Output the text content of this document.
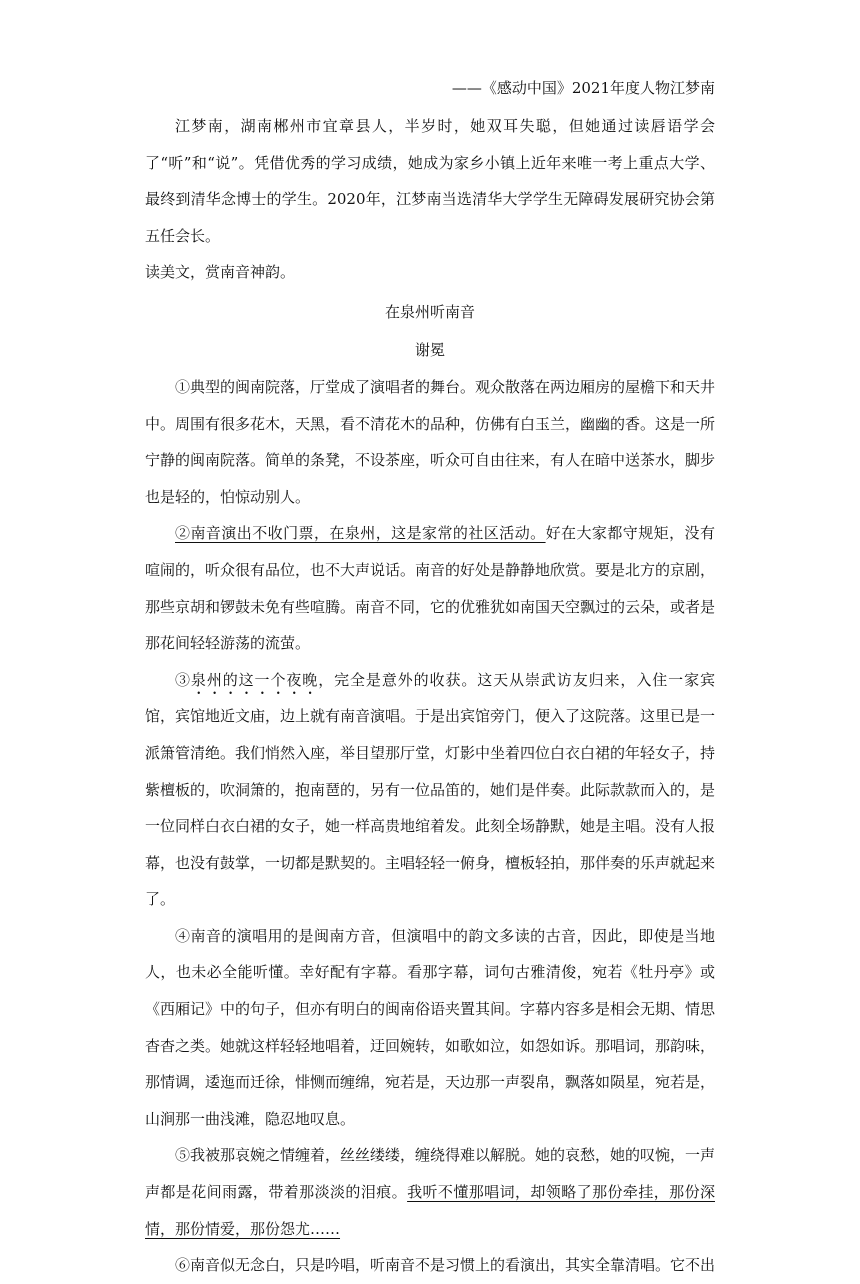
——《感动中国》2021年度人物江梦南

江梦南，湖南郴州市宜章县人，半岁时，她双耳失聪，但她通过读唇语学会了“听”和“说”。凭借优秀的学习成绩，她成为家乡小镇上近年来唯一考上重点大学、最终到清华念博士的学生。2020年，江梦南当选清华大学学生无障碍发展研究协会第五任会长。

读美文，赏南音神韵。

在泉州听南音

谢冕

①典型的闽南院落，厅堂成了演唱者的舞台。观众散落在两边厢房的屋檐下和天井中。周围有很多花木，天黑，看不清花木的品种，仿佛有白玉兰，幽幽的香。这是一所宁静的闽南院落。简单的条凳，不设茶座，听众可自由往来，有人在暗中送茶水，脚步也是轻的，怕惊动别人。

②南音演出不收门票，在泉州，这是家常的社区活动。好在大家都守规矩，没有喧闹的，听众很有品位，也不大声说话。南音的好处是静静地欣赏。要是北方的京剧，那些京胡和锣鼓未免有些喧腾。南音不同，它的优雅犹如南国天空飘过的云朵，或者是那花间轻轻游荡的流萤。

③泉州的这一个夜晚，完全是意外的收获。这天从崇武访友归来，入住一家宾馆，宾馆地近文庙，边上就有南音演唱。于是出宾馆旁门，便入了这院落。这里已是一派箫管清绝。我们悄然入座，举目望那厅堂，灯影中坐着四位白衣白裙的年轻女子，持紫檀板的，吹洞箫的，抱南琶的，另有一位品笛的，她们是伴奏。此际款款而入的，是一位同样白衣白裙的女子，她一样高贵地绾着发。此刻全场静默，她是主唱。没有人报幕，也没有鼓掌，一切都是默契的。主唱轻轻一俯身，檀板轻拍，那伴奏的乐声就起来了。

④南音的演唱用的是闽南方音，但演唱中的韵文多读的古音，因此，即使是当地人，也未必全能听懂。幸好配有字幕。看那字幕，词句古雅清俊，宛若《牡丹亭》或《西厢记》中的句子，但亦有明白的闽南俗语夹置其间。字幕内容多是相会无期、情思杳杳之类。她就这样轻轻地唱着，迂回婉转，如歌如泣，如怨如诉。那唱词，那韵味，那情调，逶迤而迁徐，悱恻而缠绵，宛若是，天边那一声裂帛，飘落如陨星，宛若是，山涧那一曲浅滩，隐忍地叹息。

⑤我被那哀婉之情缠着，丝丝缕缕，缠绕得难以解脱。她的哀愁，她的叹惋，一声声都是花间雨露，带着那淡淡的泪痕。我听不懂那唱词，却领略了那份牵挂，那份深情，那份情爱，那份怨尤……

⑥南音似无念白，只是吟唱，听南音不是习惯上的看演出，其实全靠清唱。它不出
